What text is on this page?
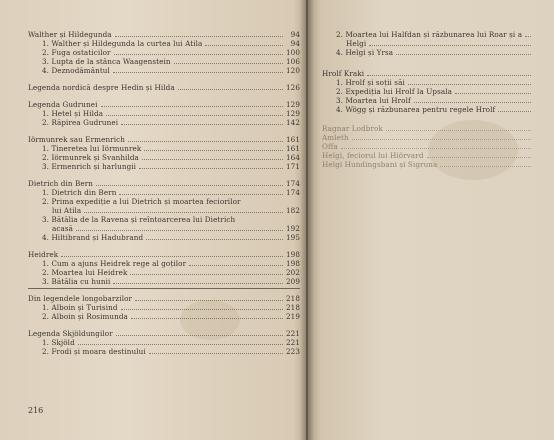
Walther și Hildegunda	94
1. Walther și Hildegunda la curtea lui Atila	94
2. Fuga ostaticilor	100
3. Lupta de la stânca Waagenstein	106
4. Deznodământul	120
Legenda nordică despre Hedin și Hilda	126
Legenda Gudrunei	129
1. Hetel și Hilda	129
2. Răpirea Gudrunei	142
Iörmunrek sau Ermenrich	161
1. Tineretea lui Iörmunrek	161
2. Iörmunrek și Svanhilda	164
3. Ermenrich și harlungii	171
Dietrich din Bern	174
1. Dietrich din Bern	174
2. Prima expediție a lui Dietrich și moartea feciorilor
lui Atila	182
3. Bătălia de la Ravena și reîntoarcerea lui Dietrich
acasă	192
4. Hiltibrand și Hadubrand	195
Heidrek	198
1. Cum a ajuns Heidrek rege al goților	198
2. Moartea lui Heidrek	202
3. Bătălia cu hunii	209
Din legendele longobarzilor	218
1. Alboin și Turisind	218
2. Alboin și Rosimunda	219
Legenda Skjöldungilor	221
1. Skjöld	221
2. Frodi și moara destinului	223
216
2. Moartea lui Halfdan și răzbunarea lui Roar și a
Helgi
4. Helgi și Yrsa
Hrolf Kraki
1. Hrolf și soții săi
2. Expediția lui Hrolf la Upsala
3. Moartea lui Hrolf
4. Wögg și răzbunarea pentru regele Hrolf
Ragnar Lodbrok
Amleth
Offa
Helgi, feciorul lui Hiörvard
Helgi Hundingsbani și Sigruna
